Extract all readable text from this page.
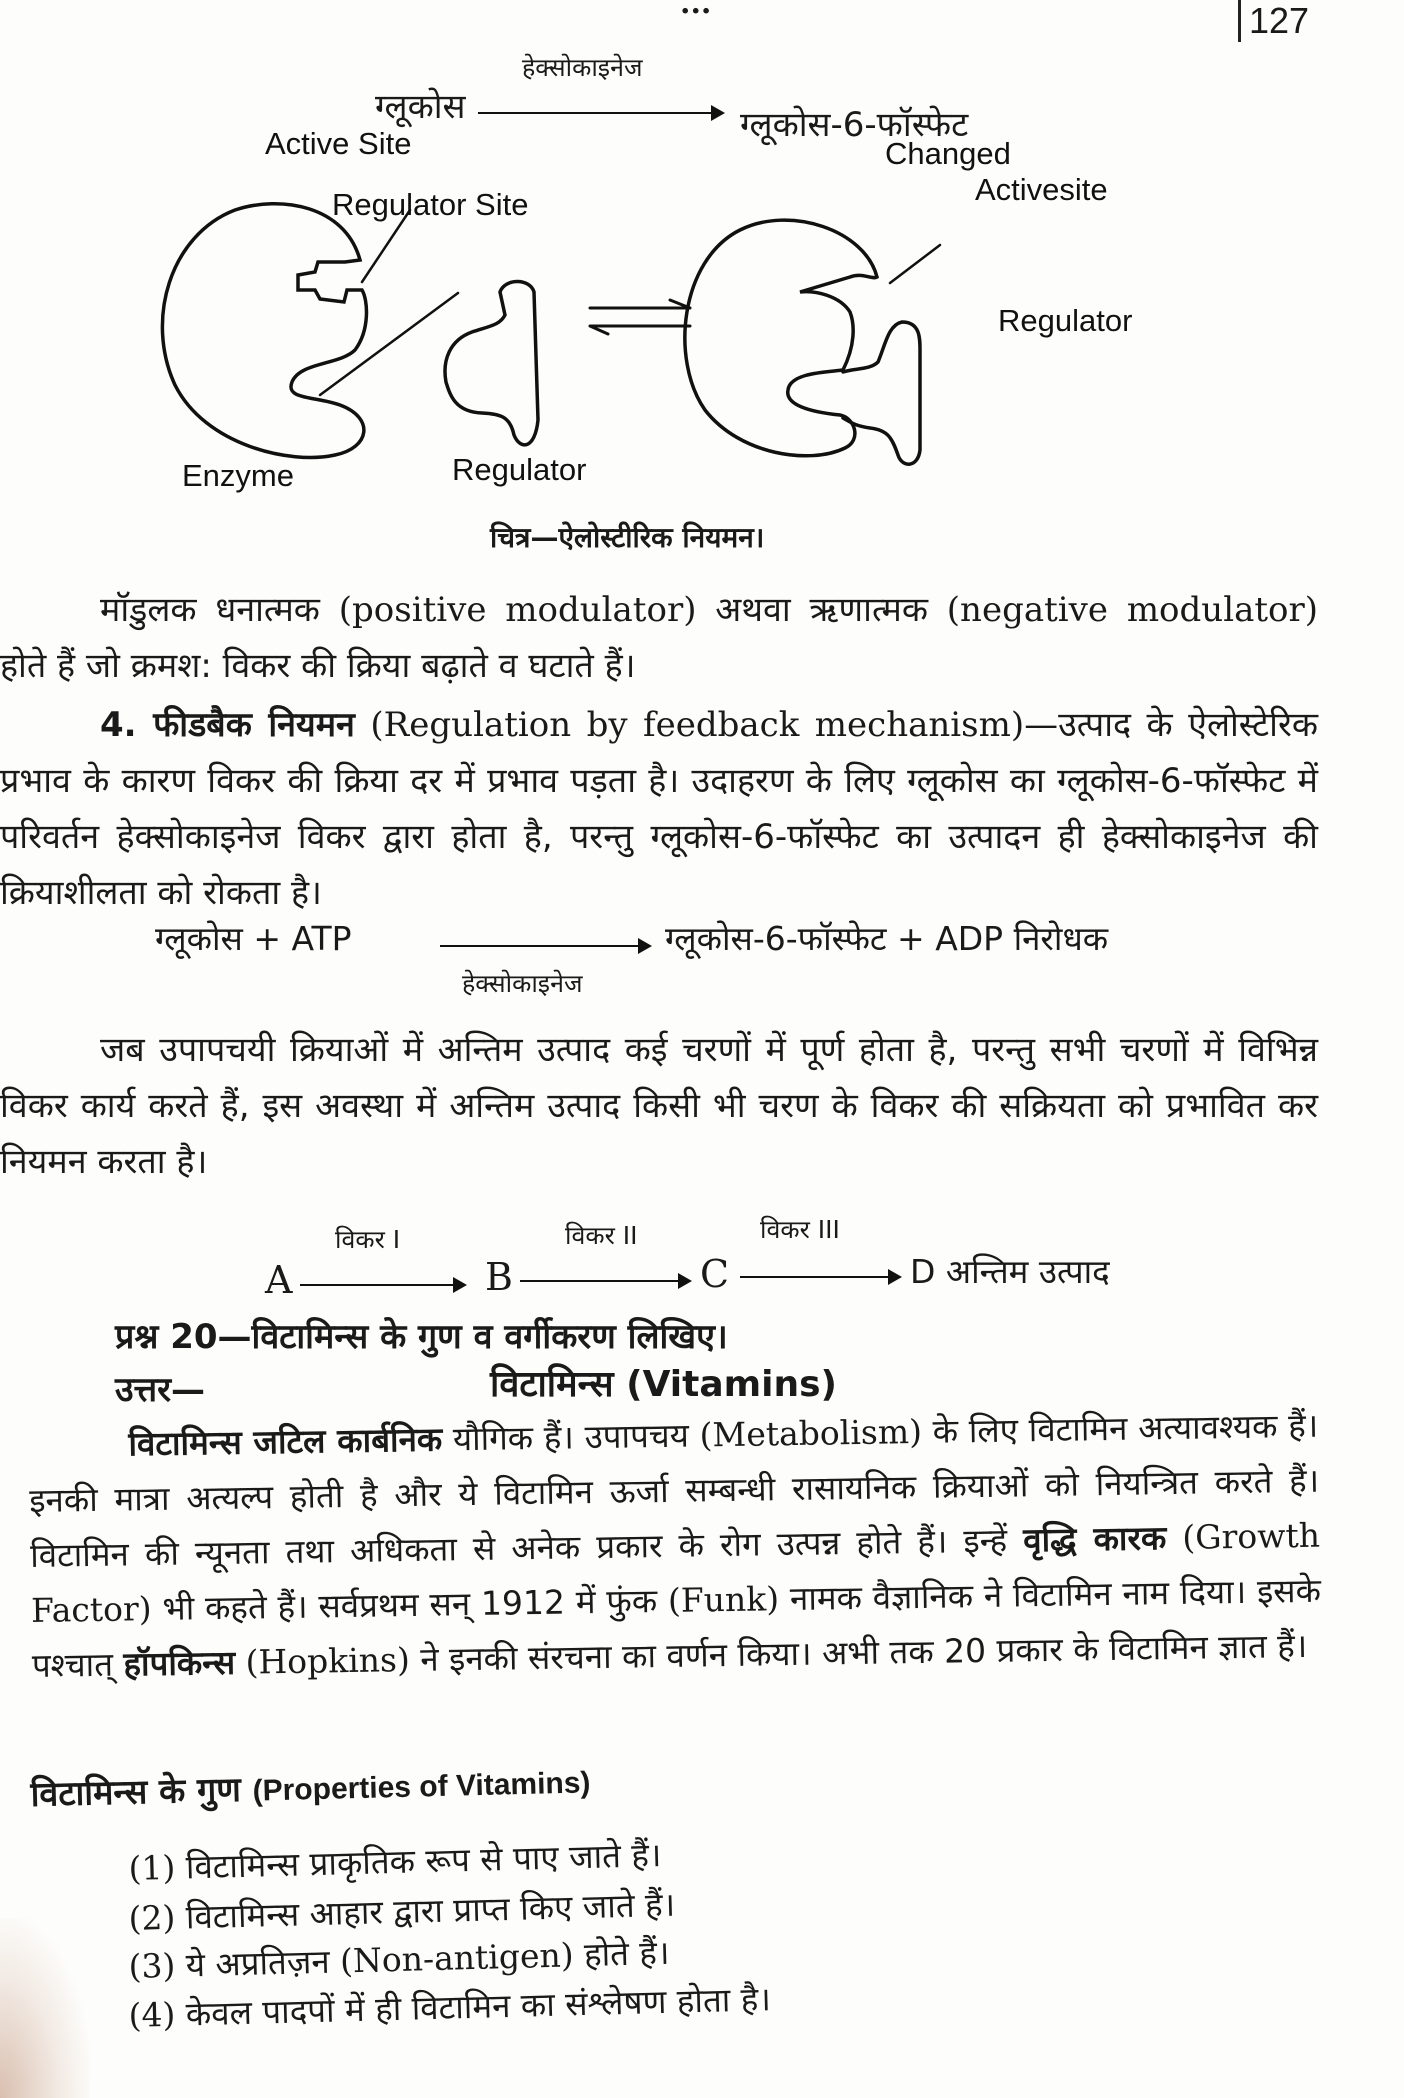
...	127
ग्लूकोस
हेक्सोकाइनेज
ग्लूकोस-6-फॉस्फेट
Active Site
Regulator Site
Enzyme	Regulator
Changed
Activesite
Regulator
चित्र—ऐलोस्टीरिक नियमन।
मॉडुलक धनात्मक (positive modulator) अथवा ऋणात्मक (negative modulator) होते हैं जो क्रमश: विकर की क्रिया बढ़ाते व घटाते हैं।
4. फीडबैक नियमन (Regulation by feedback mechanism)—उत्पाद के ऐलोस्टेरिक प्रभाव के कारण विकर की क्रिया दर में प्रभाव पड़ता है। उदाहरण के लिए ग्लूकोस का ग्लूकोस-6-फॉस्फेट में परिवर्तन हेक्सोकाइनेज विकर द्वारा होता है, परन्तु ग्लूकोस-6-फॉस्फेट का उत्पादन ही हेक्सोकाइनेज की क्रियाशीलता को रोकता है।
ग्लूकोस + ATP	ग्लूकोस-6-फॉस्फेट + ADP निरोधक
हेक्सोकाइनेज
जब उपापचयी क्रियाओं में अन्तिम उत्पाद कई चरणों में पूर्ण होता है, परन्तु सभी चरणों में विभिन्न विकर कार्य करते हैं, इस अवस्था में अन्तिम उत्पाद किसी भी चरण के विकर की सक्रियता को प्रभावित कर नियमन करता है।
विकर I	विकर II	विकर III
A	B	C	D अन्तिम उत्पाद
प्रश्न 20—विटामिन्स के गुण व वर्गीकरण लिखिए।
उत्तर—	विटामिन्स (Vitamins)
विटामिन्स जटिल कार्बनिक यौगिक हैं। उपापचय (Metabolism) के लिए विटामिन अत्यावश्यक हैं। इनकी मात्रा अत्यल्प होती है और ये विटामिन ऊर्जा सम्बन्धी रासायनिक क्रियाओं को नियन्त्रित करते हैं। विटामिन की न्यूनता तथा अधिकता से अनेक प्रकार के रोग उत्पन्न होते हैं। इन्हें वृद्धि कारक (Growth Factor) भी कहते हैं। सर्वप्रथम सन् 1912 में फुंक (Funk) नामक वैज्ञानिक ने विटामिन नाम दिया। इसके पश्चात् हॉपकिन्स (Hopkins) ने इनकी संरचना का वर्णन किया। अभी तक 20 प्रकार के विटामिन ज्ञात हैं।
विटामिन्स के गुण (Properties of Vitamins)
(1) विटामिन्स प्राकृतिक रूप से पाए जाते हैं।
(2) विटामिन्स आहार द्वारा प्राप्त किए जाते हैं।
(3) ये अप्रतिज़न (Non-antigen) होते हैं।
(4) केवल पादपों में ही विटामिन का संश्लेषण होता है।
